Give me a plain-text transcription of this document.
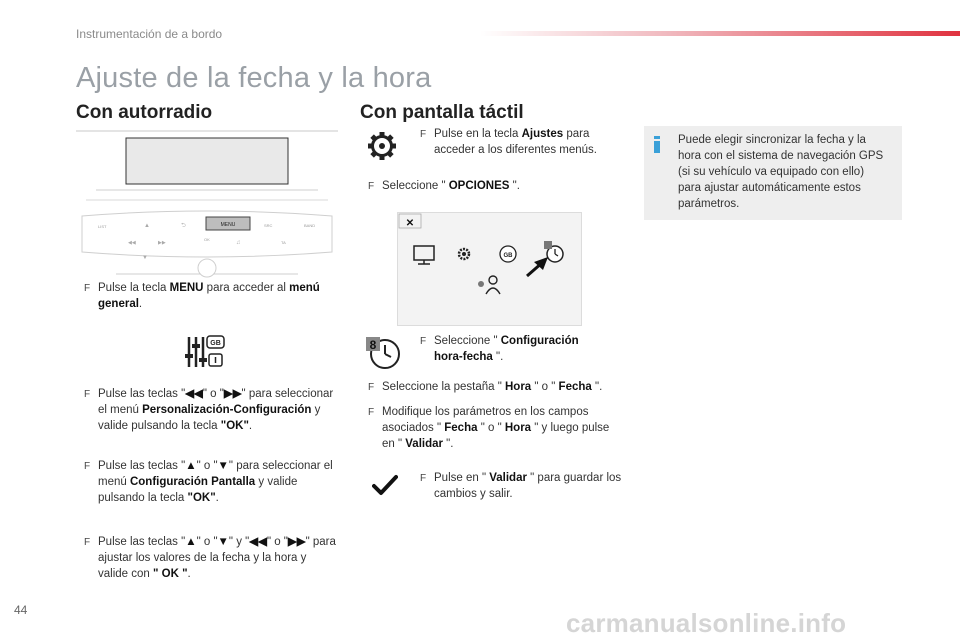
Instrumentación de a bordo
Ajuste de la fecha y la hora
Con autorradio
MENU
LIST	SRC	BAND
OK
TA
▲	⮌
◀◀	▶▶	♫
▼
F Pulse la tecla MENU para acceder al menú general.
GB
F Pulse las teclas "◀◀" o "▶▶" para seleccionar el menú Personalización-Configuración y valide pulsando la tecla "OK".
F Pulse las teclas "▲" o "▼" para seleccionar el menú Configuración Pantalla y valide pulsando la tecla "OK".
F Pulse las teclas "▲" o "▼" y "◀◀" o "▶▶" para ajustar los valores de la fecha y la hora y valide con " OK ".
Con pantalla táctil
F Pulse en la tecla Ajustes para acceder a los diferentes menús.
F Seleccione " OPCIONES ".
✕
GB
8	F Seleccione " Configuración hora-fecha ".
F Seleccione la pestaña " Hora " o " Fecha ".
F Modifique los parámetros en los campos asociados " Fecha " o " Hora " y luego pulse en " Validar ".
F Pulse en " Validar " para guardar los cambios y salir.
Puede elegir sincronizar la fecha y la hora con el sistema de navegación GPS (si su vehículo va equipado con ello) para ajustar automáticamente estos parámetros.
44	carmanualsonline.info
